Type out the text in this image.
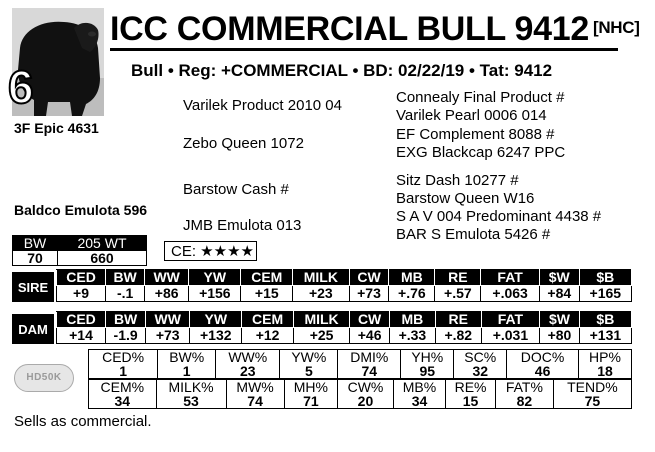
6
ICC COMMERCIAL BULL 9412 [NHC]
Bull • Reg: +COMMERCIAL • BD: 02/22/19 • Tat: 9412
3F Epic 4631
Baldco Emulota 596
Varilek Product 2010 04
Zebo Queen 1072
Barstow Cash #
JMB Emulota 013
Connealy Final Product #
Varilek Pearl 0006 014
EF Complement 8088 #
EXG Blackcap 6247 PPC
Sitz Dash 10277 #
Barstow Queen W16
S A V 004 Predominant 4438 #
BAR S Emulota 5426 #
BW	205 WT
70	660	CE: ★★★★
SIRE
CED	BW	WW	YW	CEM	MILK	CW	MB	RE	FAT	$W	$B
+9	-.1	+86	+156	+15	+23	+73	+.76	+.57	+.063	+84	+165
DAM
CED	BW	WW	YW	CEM	MILK	CW	MB	RE	FAT	$W	$B
+14	-1.9	+73	+132	+12	+25	+46	+.33	+.82	+.031	+80	+131
HD50K
CED%	BW%	WW%	YW%	DMI%	YH%	SC%	DOC%	HP%
1	1	23	5	74	95	32	46	18
CEM%	MILK%	MW%	MH%	CW%	MB%	RE%	FAT%	TEND%
34	53	74	71	20	34	15	82	75
Sells as commercial.
